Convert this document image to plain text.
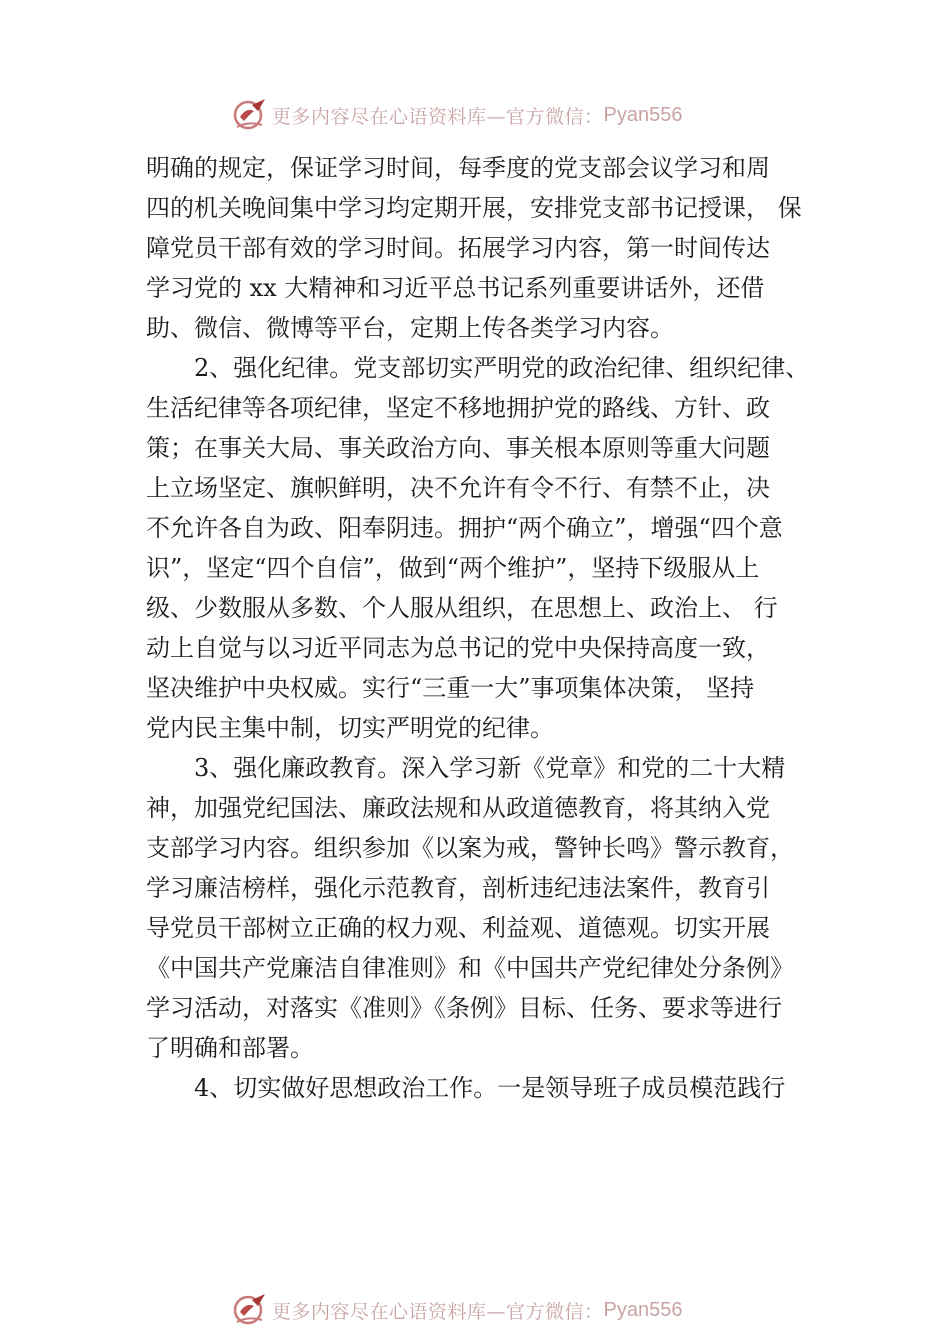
更多内容尽在心语资料库—官方微信： Pyan556
明确的规定，保证学习时间，每季度的党支部会议学习和周
四的机关晚间集中学习均定期开展，安排党支部书记授课， 保
障党员干部有效的学习时间。拓展学习内容，第一时间传达
学习党的 xx 大精神和习近平总书记系列重要讲话外，还借
助、微信、微博等平台，定期上传各类学习内容。
2、强化纪律。党支部切实严明党的政治纪律、组织纪律、
生活纪律等各项纪律，坚定不移地拥护党的路线、方针、政
策；在事关大局、事关政治方向、事关根本原则等重大问题
上立场坚定、旗帜鲜明，决不允许有令不行、有禁不止，决
不允许各自为政、阳奉阴违。拥护“两个确立”，增强“四个意
识”，坚定“四个自信”，做到“两个维护”，坚持下级服从上
级、少数服从多数、个人服从组织，在思想上、政治上、 行
动上自觉与以习近平同志为总书记的党中央保持高度一致，
坚决维护中央权威。实行“三重一大”事项集体决策， 坚持
党内民主集中制，切实严明党的纪律。
3、强化廉政教育。深入学习新《党章》和党的二十大精
神，加强党纪国法、廉政法规和从政道德教育，将其纳入党
支部学习内容。组织参加《以案为戒，警钟长鸣》警示教育，
学习廉洁榜样，强化示范教育，剖析违纪违法案件，教育引
导党员干部树立正确的权力观、利益观、道德观。切实开展
《中国共产党廉洁自律准则》和《中国共产党纪律处分条例》
学习活动，对落实《准则》《条例》目标、任务、要求等进行
了明确和部署。
4、切实做好思想政治工作。一是领导班子成员模范践行
更多内容尽在心语资料库—官方微信： Pyan556
